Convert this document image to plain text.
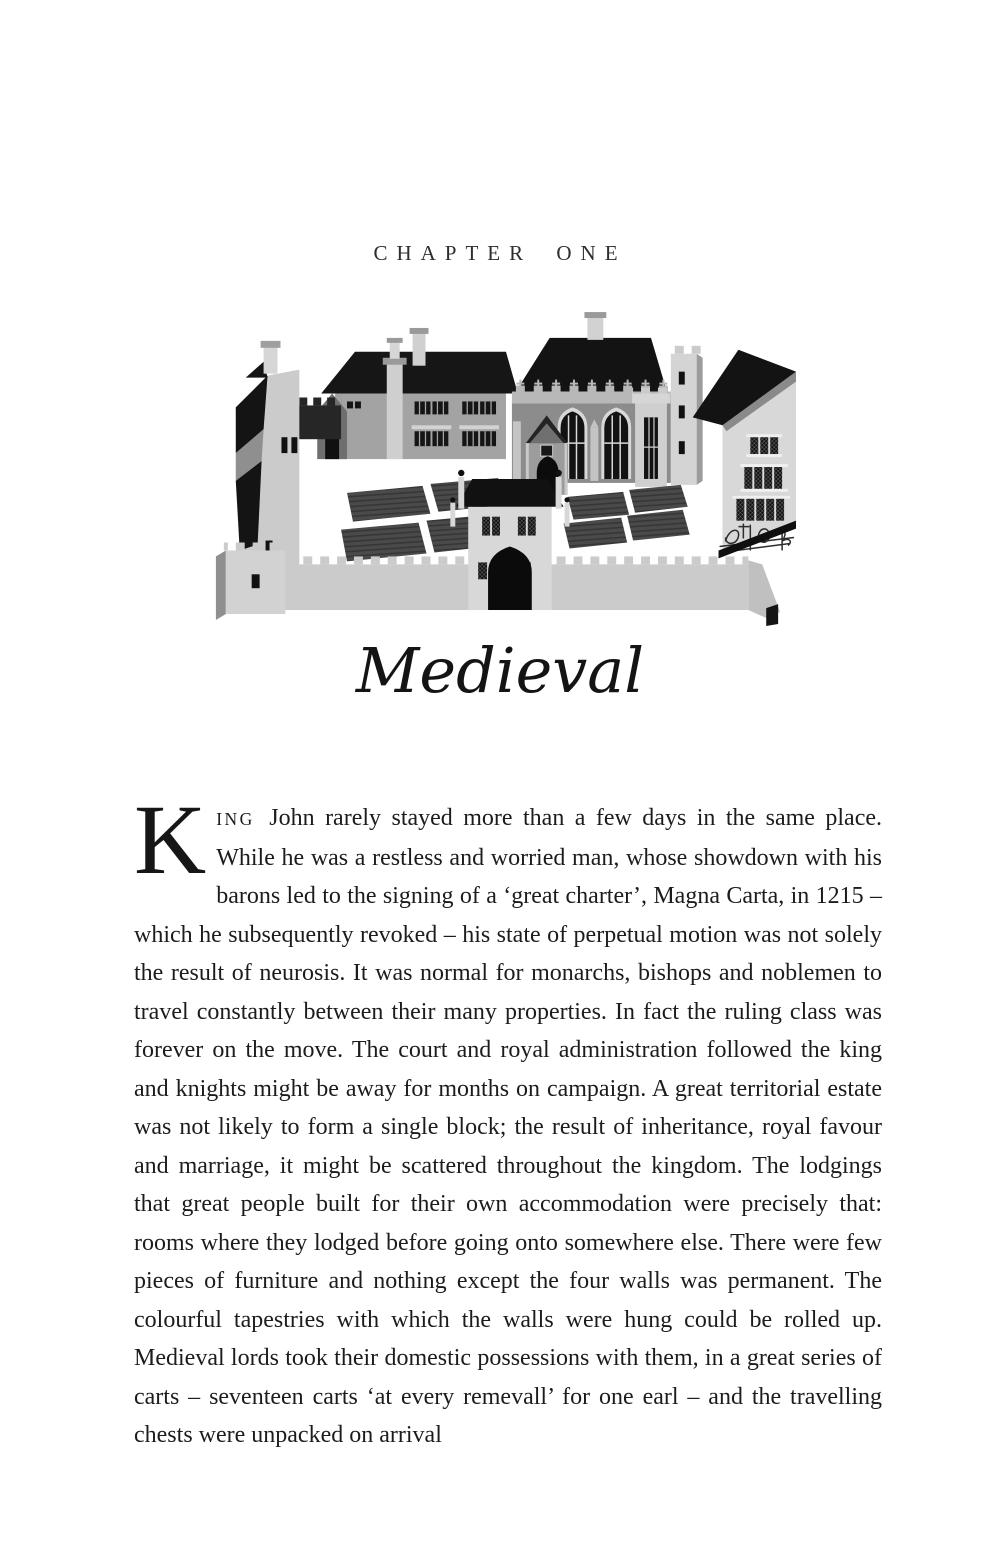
CHAPTER ONE
Medieval

KING John rarely stayed more than a few days in the same place. While he was a restless and worried man, whose showdown with his barons led to the signing of a ‘great charter’, Magna Carta, in 1215 – which he subsequently revoked – his state of perpetual motion was not solely the result of neurosis. It was normal for monarchs, bishops and noblemen to travel constantly between their many properties. In fact the ruling class was forever on the move. The court and royal administration followed the king and knights might be away for months on campaign. A great territorial estate was not likely to form a single block; the result of inheritance, royal favour and marriage, it might be scattered throughout the kingdom. The lodgings that great people built for their own accommodation were precisely that: rooms where they lodged before going onto somewhere else. There were few pieces of furniture and nothing except the four walls was permanent. The colourful tapestries with which the walls were hung could be rolled up. Medieval lords took their domestic possessions with them, in a great series of carts – seventeen carts ‘at every remevall’ for one earl – and the travelling chests were unpacked on arrival
